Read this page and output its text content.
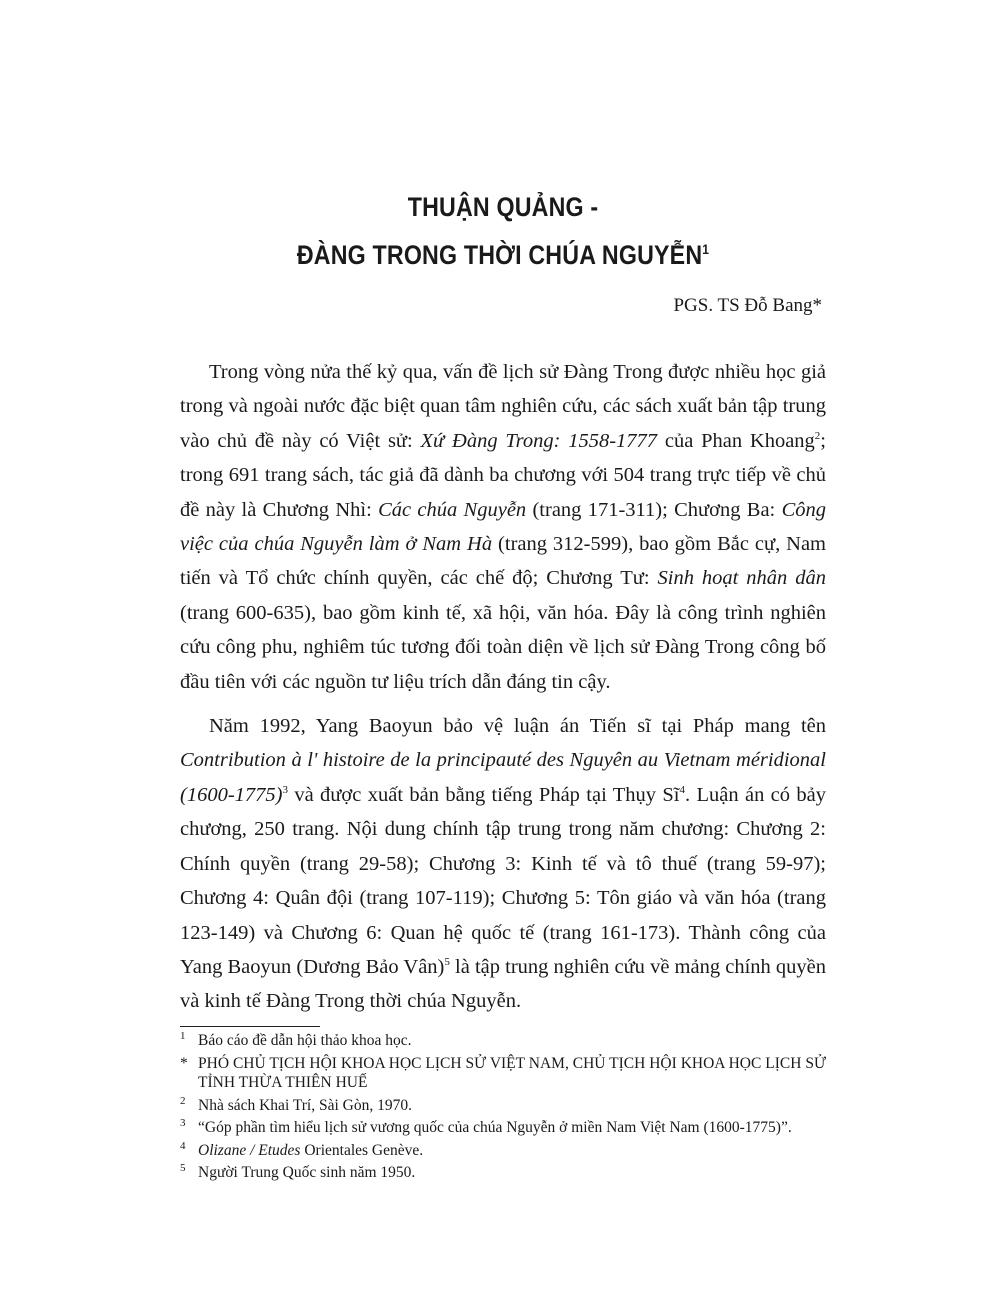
THUẬN QUẢNG -
ĐÀNG TRONG THỜI CHÚA NGUYỄN$^1$
PGS. TS Đỗ Bang*

Trong vòng nửa thế kỷ qua, vấn đề lịch sử Đàng Trong được nhiều học giả trong và ngoài nước đặc biệt quan tâm nghiên cứu, các sách xuất bản tập trung vào chủ đề này có Việt sử: Xứ Đàng Trong: 1558-1777 của Phan Khoang$^2$; trong 691 trang sách, tác giả đã dành ba chương với 504 trang trực tiếp về chủ đề này là Chương Nhì: Các chúa Nguyễn (trang 171-311); Chương Ba: Công việc của chúa Nguyễn làm ở Nam Hà (trang 312-599), bao gồm Bắc cự, Nam tiến và Tổ chức chính quyền, các chế độ; Chương Tư: Sinh hoạt nhân dân (trang 600-635), bao gồm kinh tế, xã hội, văn hóa. Đây là công trình nghiên cứu công phu, nghiêm túc tương đối toàn diện về lịch sử Đàng Trong công bố đầu tiên với các nguồn tư liệu trích dẫn đáng tin cậy.

Năm 1992, Yang Baoyun bảo vệ luận án Tiến sĩ tại Pháp mang tên Contribution à l' histoire de la principauté des Nguyên au Vietnam méridional (1600-1775)$^3$ và được xuất bản bằng tiếng Pháp tại Thụy $Sĩ^4$. Luận án có bảy chương, 250 trang. Nội dung chính tập trung trong năm chương: Chương 2: Chính quyền (trang 29-58); Chương 3: Kinh tế và tô thuế (trang 59-97); Chương 4: Quân đội (trang 107-119); Chương 5: Tôn giáo và văn hóa (trang 123-149) và Chương 6: Quan hệ quốc tế (trang 161-173). Thành công của Yang Baoyun (Dương Bảo Vân)$^5$ là tập trung nghiên cứu về mảng chính quyền và kinh tế Đàng Trong thời chúa Nguyễn.

1 Báo cáo đề dẫn hội thảo khoa học.
* PHÓ CHỦ TỊCH HỘI KHOA HỌC LỊCH SỬ VIỆT NAM, CHỦ TỊCH HỘI KHOA HỌC LỊCH SỬ TỈNH THỪA THIÊN HUẾ
2 Nhà sách Khai Trí, Sài Gòn, 1970.
3 “Góp phần tìm hiểu lịch sử vương quốc của chúa Nguyễn ở miền Nam Việt Nam (1600-1775)”.
4 Olizane / Etudes Orientales Genève.
5 Người Trung Quốc sinh năm 1950.
